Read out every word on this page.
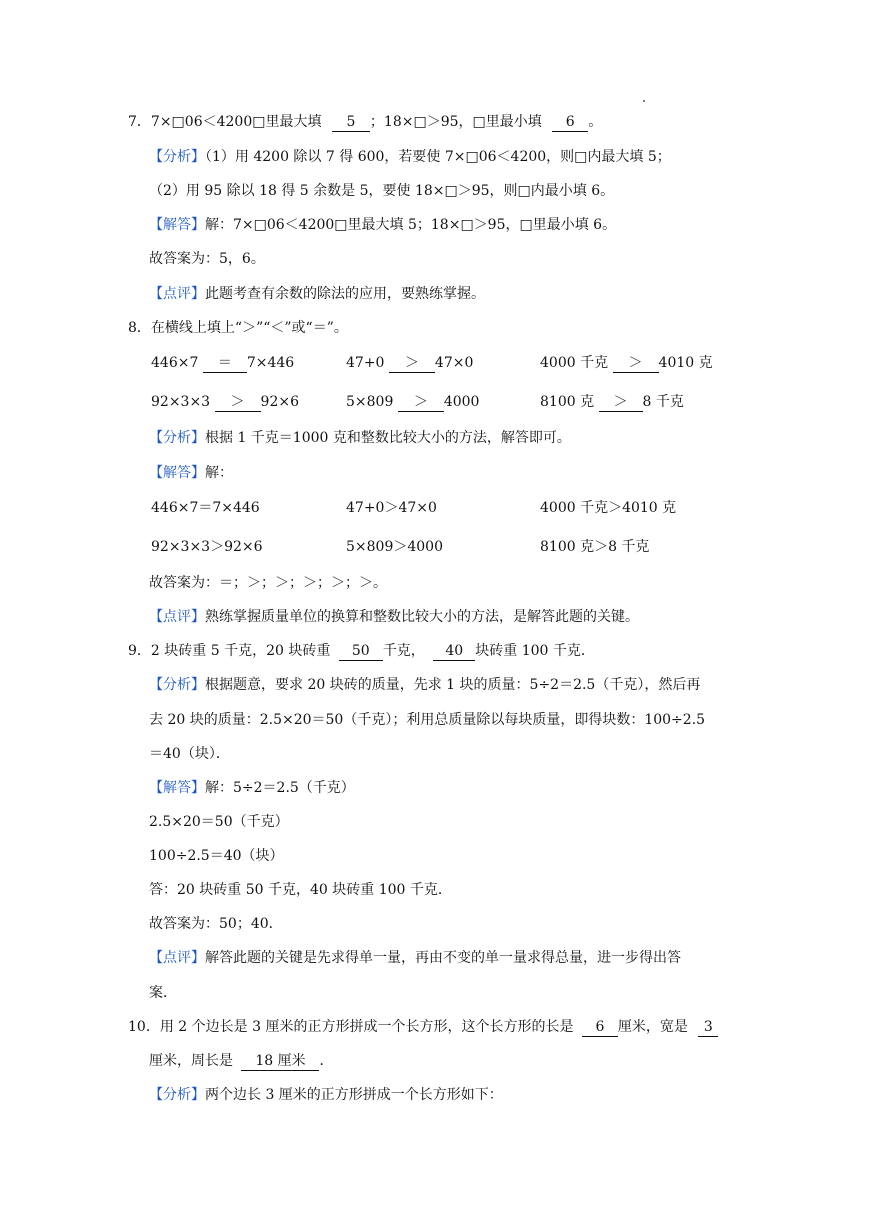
7．7×□06＜4200□里最大填 5 ；18×□＞95，□里最小填 6 。
【分析】（1）用 4200 除以 7 得 600，若要使 7×□06＜4200，则□内最大填 5；
（2）用 95 除以 18 得 5 余数是 5，要使 18×□＞95，则□内最小填 6。
【解答】解：7×□06＜4200□里最大填 5；18×□＞95，□里最小填 6。
故答案为：5，6。
【点评】此题考查有余数的除法的应用，要熟练掌握。
8．在横线上填上“＞”“＜”或“＝”。
446×7 ＝ 7×446	47+0 ＞ 47×0	4000 千克 ＞ 4010 克
92×3×3 ＞ 92×6	5×809 ＞ 4000	8100 克 ＞ 8 千克
【分析】根据 1 千克＝1000 克和整数比较大小的方法，解答即可。
【解答】解：
446×7＝7×446	47+0＞47×0	4000 千克＞4010 克
92×3×3＞92×6	5×809＞4000	8100 克＞8 千克
故答案为：＝；＞；＞；＞；＞；＞。
【点评】熟练掌握质量单位的换算和整数比较大小的方法，是解答此题的关键。
9．2 块砖重 5 千克，20 块砖重 50 千克， 40 块砖重 100 千克．
【分析】根据题意，要求 20 块砖的质量，先求 1 块的质量：5÷2＝2.5（千克），然后再
去 20 块的质量：2.5×20＝50（千克）；利用总质量除以每块质量，即得块数：100÷2.5
＝40（块）．
【解答】解：5÷2＝2.5（千克）
2.5×20＝50（千克）
100÷2.5＝40（块）
答：20 块砖重 50 千克，40 块砖重 100 千克．
故答案为：50；40．
【点评】解答此题的关键是先求得单一量，再由不变的单一量求得总量，进一步得出答
案．
10．用 2 个边长是 3 厘米的正方形拼成一个长方形，这个长方形的长是 6 厘米，宽是 3
厘米，周长是 18 厘米 ．
【分析】两个边长 3 厘米的正方形拼成一个长方形如下：
